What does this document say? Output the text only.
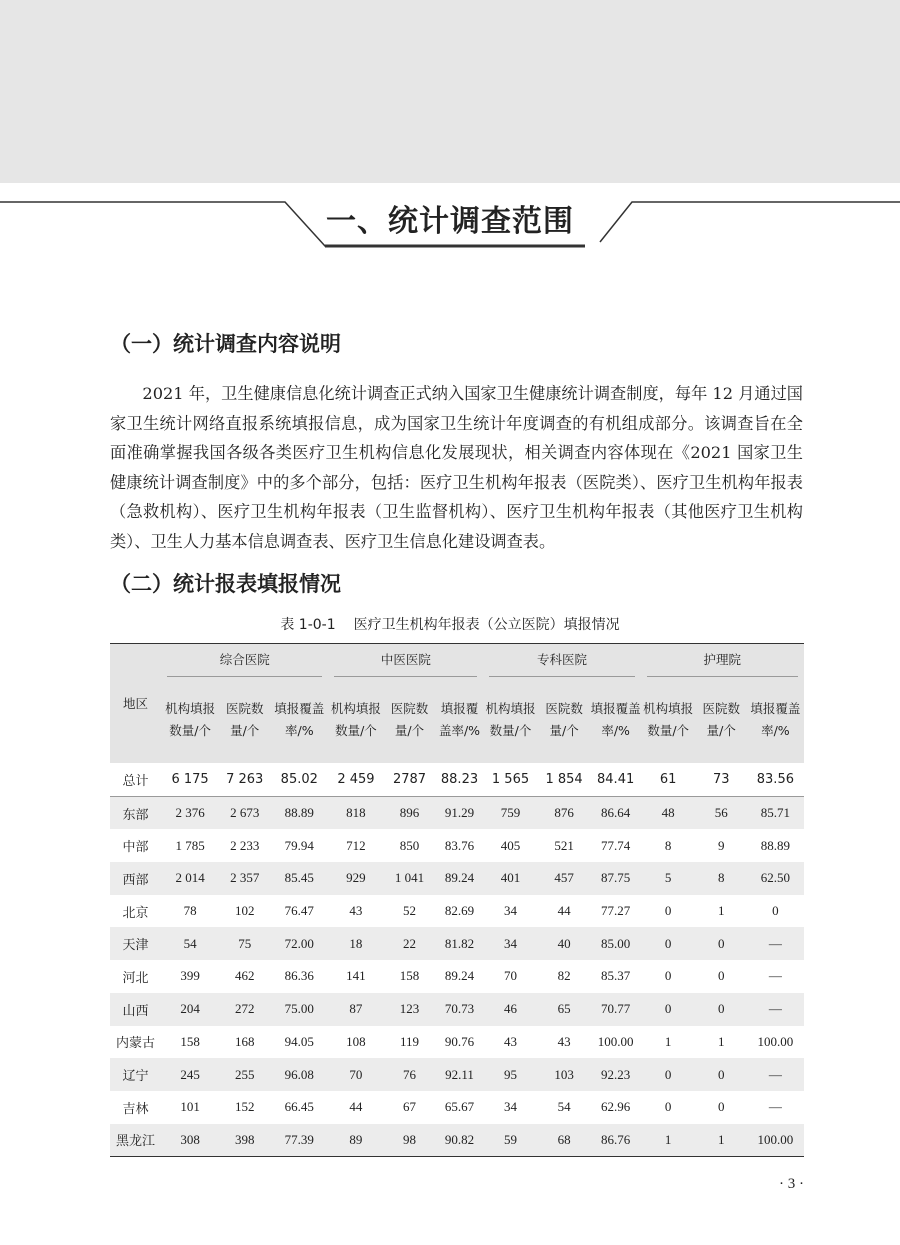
一、统计调查范围
（一）统计调查内容说明

2021 年，卫生健康信息化统计调查正式纳入国家卫生健康统计调查制度，每年 12 月通过国家卫生统计网络直报系统填报信息，成为国家卫生统计年度调查的有机组成部分。该调查旨在全面准确掌握我国各级各类医疗卫生机构信息化发展现状，相关调查内容体现在《2021 国家卫生健康统计调查制度》中的多个部分，包括：医疗卫生机构年报表（医院类）、医疗卫生机构年报表（急救机构）、医疗卫生机构年报表（卫生监督机构）、医疗卫生机构年报表（其他医疗卫生机构类）、卫生人力基本信息调查表、医疗卫生信息化建设调查表。

（二）统计报表填报情况
表 1-0-1 医疗卫生机构年报表（公立医院）填报情况
地区	综合医院			中医医院			专科医院			护理院		

	机构填报数量/个	医院数量/个	填报覆盖率/%	机构填报数量/个	医院数量/个	填报覆盖率/%	机构填报数量/个	医院数量/个	填报覆盖率/%	机构填报数量/个	医院数量/个	填报覆盖率/%
总计	6 175	7 263	85.02	2 459	2787	88.23	1 565	1 854	84.41	61	73	83.56
东部	2 376	2 673	88.89	818	896	91.29	759	876	86.64	48	56	85.71
中部	1 785	2 233	79.94	712	850	83.76	405	521	77.74	8	9	88.89
西部	2 014	2 357	85.45	929	1 041	89.24	401	457	87.75	5	8	62.50
北京	78	102	76.47	43	52	82.69	34	44	77.27	0	1	0
天津	54	75	72.00	18	22	81.82	34	40	85.00	0	0	—
河北	399	462	86.36	141	158	89.24	70	82	85.37	0	0	—
山西	204	272	75.00	87	123	70.73	46	65	70.77	0	0	—
内蒙古	158	168	94.05	108	119	90.76	43	43	100.00	1	1	100.00
辽宁	245	255	96.08	70	76	92.11	95	103	92.23	0	0	—
吉林	101	152	66.45	44	67	65.67	34	54	62.96	0	0	—
黑龙江	308	398	77.39	89	98	90.82	59	68	86.76	1	1	100.00
· 3 ·
